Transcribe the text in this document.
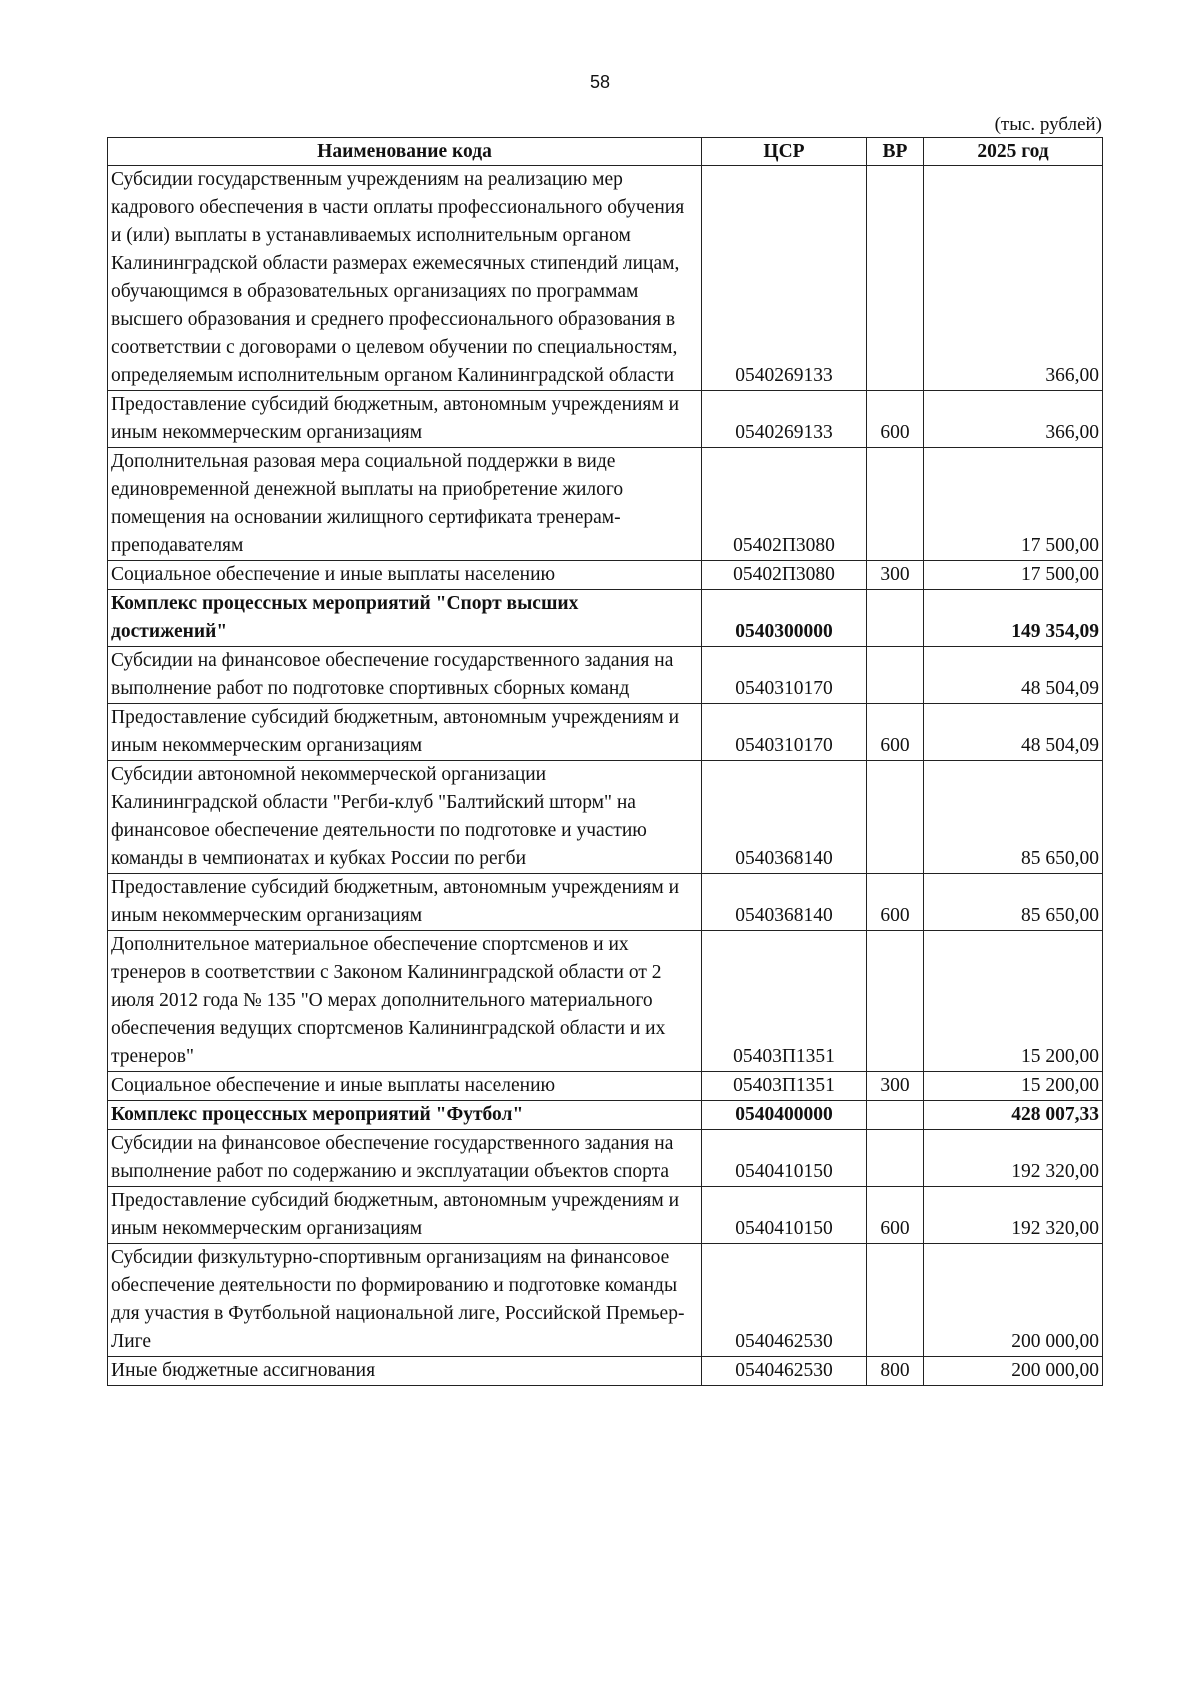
58
(тыс. рублей)
Наименование кода	ЦСР	ВР	2025 год
Субсидии государственным учреждениям на реализацию мер кадрового обеспечения в части оплаты профессионального обучения и (или) выплаты в устанавливаемых исполнительным органом Калининградской области размерах ежемесячных стипендий лицам, обучающимся в образовательных организациях по программам высшего образования и среднего профессионального образования в соответствии с договорами о целевом обучении по специальностям, определяемым исполнительным органом Калининградской области	0540269133		366,00
Предоставление субсидий бюджетным, автономным учреждениям и иным некоммерческим организациям	0540269133	600	366,00
Дополнительная разовая мера социальной поддержки в виде единовременной денежной выплаты на приобретение жилого помещения на основании жилищного сертификата тренерам-преподавателям	05402П3080		17 500,00
Социальное обеспечение и иные выплаты населению	05402П3080	300	17 500,00
Комплекс процессных мероприятий "Спорт высших достижений"	0540300000		149 354,09
Субсидии на финансовое обеспечение государственного задания на выполнение работ по подготовке спортивных сборных команд	0540310170		48 504,09
Предоставление субсидий бюджетным, автономным учреждениям и иным некоммерческим организациям	0540310170	600	48 504,09
Субсидии автономной некоммерческой организации Калининградской области "Регби-клуб "Балтийский шторм" на финансовое обеспечение деятельности по подготовке и участию команды в чемпионатах и кубках России по регби	0540368140		85 650,00
Предоставление субсидий бюджетным, автономным учреждениям и иным некоммерческим организациям	0540368140	600	85 650,00
Дополнительное материальное обеспечение спортсменов и их тренеров в соответствии с Законом Калининградской области от 2 июля 2012 года № 135 "О мерах дополнительного материального обеспечения ведущих спортсменов Калининградской области и их тренеров"	05403П1351		15 200,00
Социальное обеспечение и иные выплаты населению	05403П1351	300	15 200,00
Комплекс процессных мероприятий "Футбол"	0540400000		428 007,33
Субсидии на финансовое обеспечение государственного задания на выполнение работ по содержанию и эксплуатации объектов спорта	0540410150		192 320,00
Предоставление субсидий бюджетным, автономным учреждениям и иным некоммерческим организациям	0540410150	600	192 320,00
Субсидии физкультурно-спортивным организациям на финансовое обеспечение деятельности по формированию и подготовке команды для участия в Футбольной национальной лиге, Российской Премьер-Лиге	0540462530		200 000,00
Иные бюджетные ассигнования	0540462530	800	200 000,00
